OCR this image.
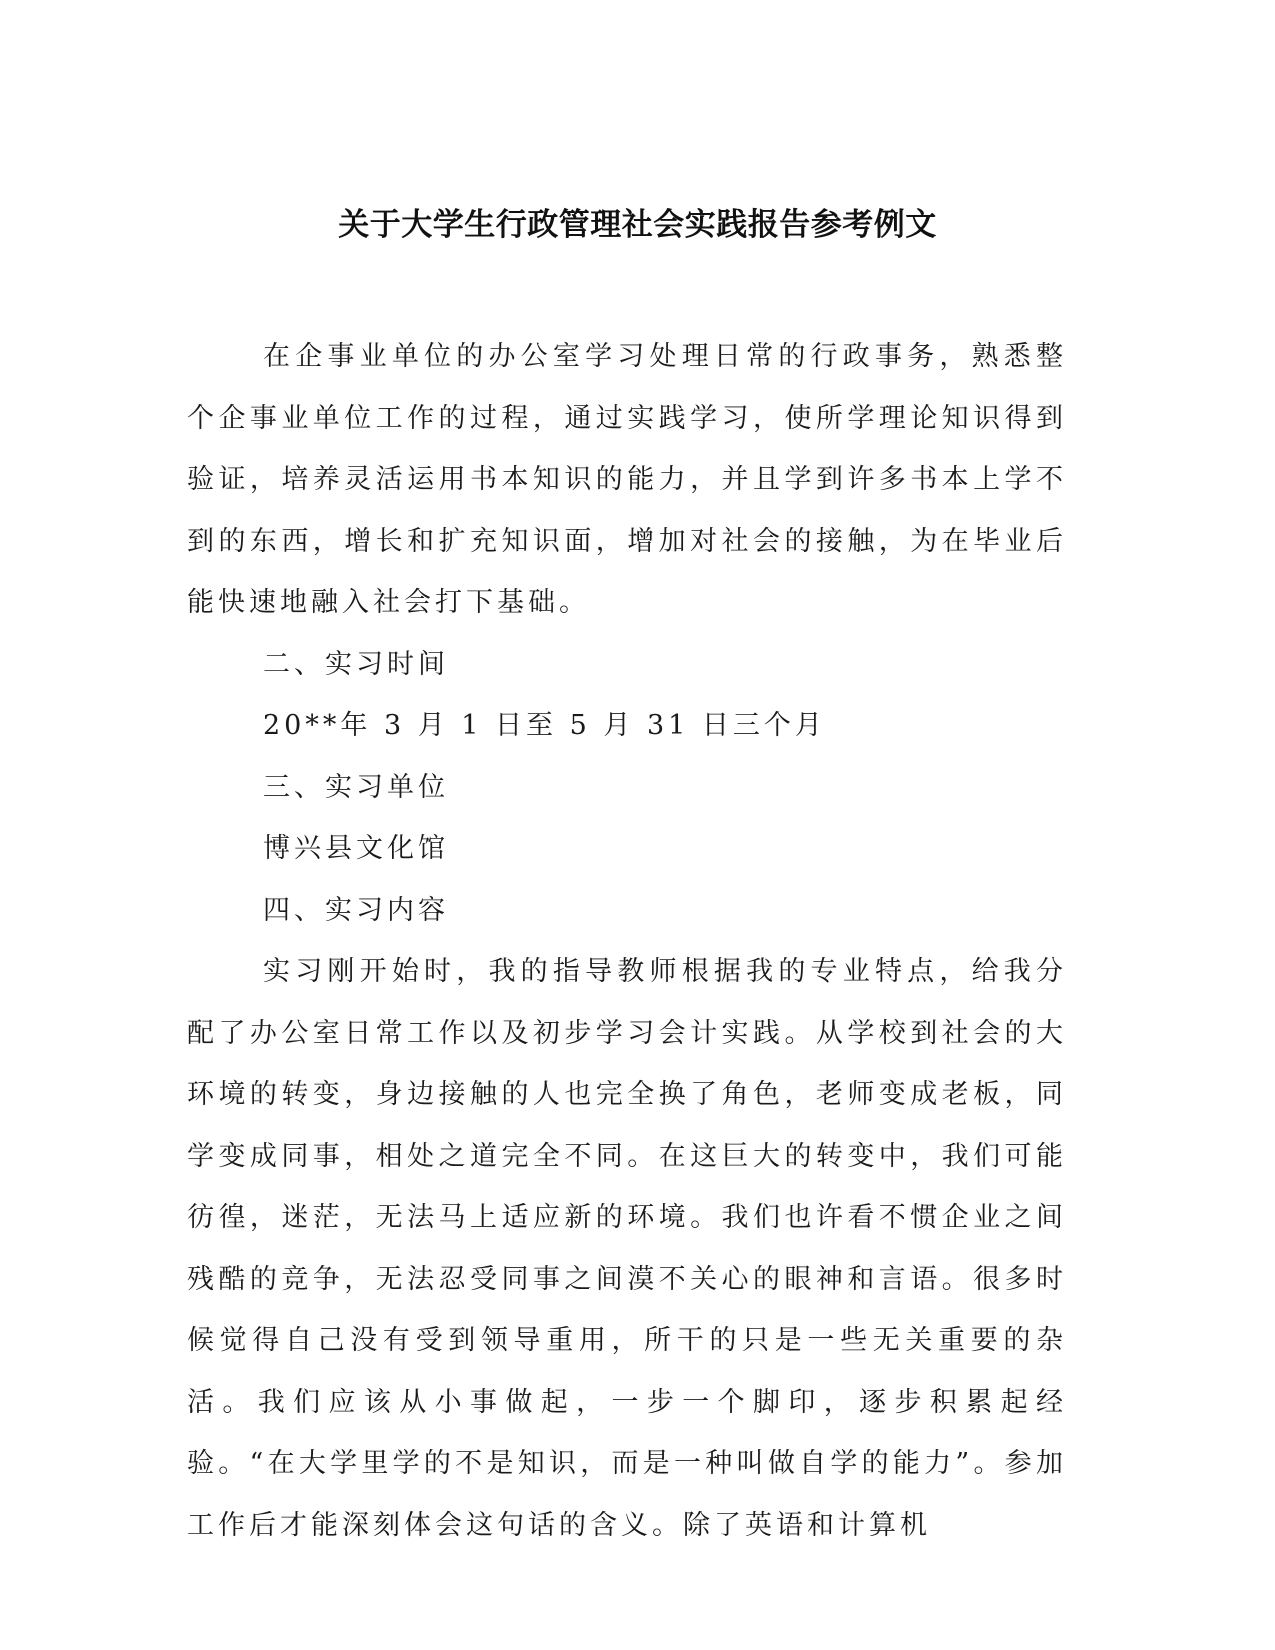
关于大学生行政管理社会实践报告参考例文

在企事业单位的办公室学习处理日常的行政事务，熟悉整个企事业单位工作的过程，通过实践学习，使所学理论知识得到验证，培养灵活运用书本知识的能力，并且学到许多书本上学不到的东西，增长和扩充知识面，增加对社会的接触，为在毕业后能快速地融入社会打下基础。

二、实习时间

20**年 3 月 1 日至 5 月 31 日三个月

三、实习单位

博兴县文化馆

四、实习内容

实习刚开始时，我的指导教师根据我的专业特点，给我分配了办公室日常工作以及初步学习会计实践。从学校到社会的大环境的转变，身边接触的人也完全换了角色，老师变成老板，同学变成同事，相处之道完全不同。在这巨大的转变中，我们可能彷徨，迷茫，无法马上适应新的环境。我们也许看不惯企业之间残酷的竞争，无法忍受同事之间漠不关心的眼神和言语。很多时候觉得自己没有受到领导重用，所干的只是一些无关重要的杂活。我们应该从小事做起，一步一个脚印，逐步积累起经验。“在大学里学的不是知识，而是一种叫做自学的能力”。参加工作后才能深刻体会这句话的含义。除了英语和计算机
